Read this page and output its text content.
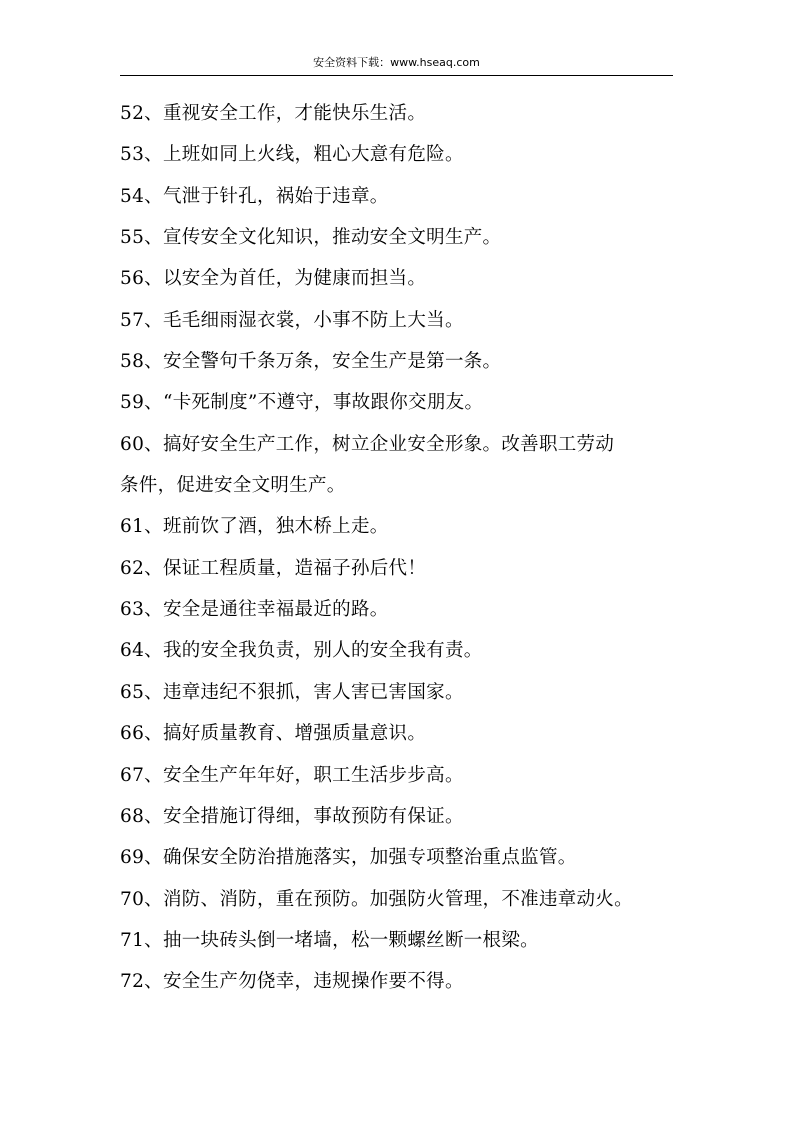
安全资料下载：www.hseaq.com
52、重视安全工作，才能快乐生活。
53、上班如同上火线，粗心大意有危险。
54、气泄于针孔，祸始于违章。
55、宣传安全文化知识，推动安全文明生产。
56、以安全为首任，为健康而担当。
57、毛毛细雨湿衣裳，小事不防上大当。
58、安全警句千条万条，安全生产是第一条。
59、“卡死制度”不遵守，事故跟你交朋友。
60、搞好安全生产工作，树立企业安全形象。改善职工劳动
条件，促进安全文明生产。
61、班前饮了酒，独木桥上走。
62、保证工程质量，造福子孙后代！
63、安全是通往幸福最近的路。
64、我的安全我负责，别人的安全我有责。
65、违章违纪不狠抓，害人害已害国家。
66、搞好质量教育、增强质量意识。
67、安全生产年年好，职工生活步步高。
68、安全措施订得细，事故预防有保证。
69、确保安全防治措施落实，加强专项整治重点监管。
70、消防、消防，重在预防。加强防火管理，不准违章动火。
71、抽一块砖头倒一堵墙，松一颗螺丝断一根梁。
72、安全生产勿侥幸，违规操作要不得。
